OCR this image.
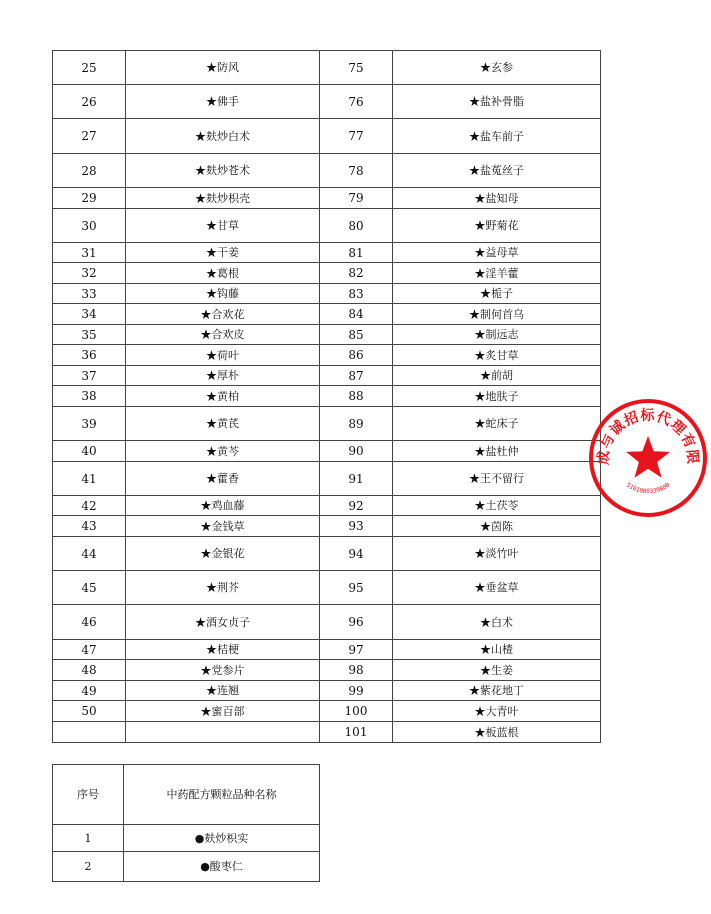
25	★防风	75	★玄参
26	★佛手	76	★盐补骨脂
27	★麸炒白术	77	★盐车前子
28	★麸炒苍术	78	★盐菟丝子
29	★麸炒枳壳	79	★盐知母
30	★甘草	80	★野菊花
31	★干姜	81	★益母草
32	★葛根	82	★淫羊藿
33	★钩藤	83	★栀子
34	★合欢花	84	★制何首乌
35	★合欢皮	85	★制远志
36	★荷叶	86	★炙甘草
37	★厚朴	87	★前胡
38	★黄柏	88	★地肤子
39	★黄芪	89	★蛇床子
40	★黄芩	90	★盐杜仲
41	★藿香	91	★王不留行
42	★鸡血藤	92	★土茯苓
43	★金钱草	93	★茵陈
44	★金银花	94	★淡竹叶
45	★荆芥	95	★垂盆草
46	★酒女贞子	96	★白术
47	★桔梗	97	★山楂
48	★党参片	98	★生姜
49	★连翘	99	★紫花地丁
50	★蜜百部	100	★大青叶
		101	★板蓝根
序号	中药配方颗粒品种名称
1	●麸炒枳实
2	●酸枣仁
成与诚招标代理有限
5101000339800
